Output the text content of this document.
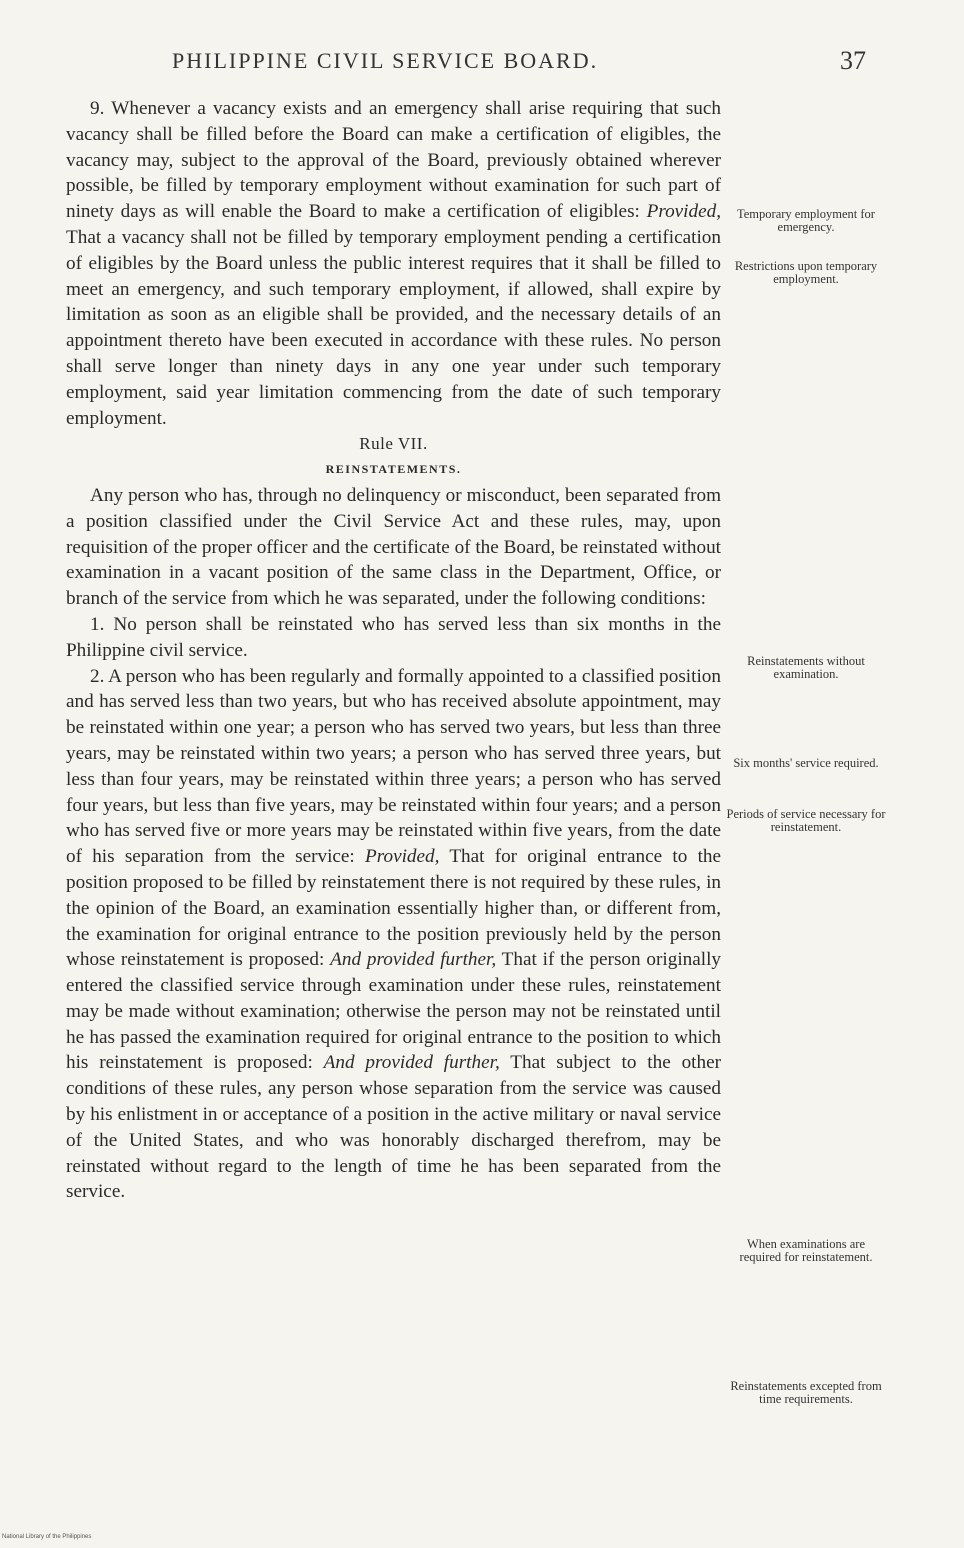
PHILIPPINE CIVIL SERVICE BOARD.	37

9. Whenever a vacancy exists and an emergency shall arise requiring that such vacancy shall be filled before the Board can make a certification of eligibles, the vacancy may, subject to the approval of the Board, previously obtained wherever possible, be filled by temporary employment without examination for such part of ninety days as will enable the Board to make a certification of eligibles: Provided, That a vacancy shall not be filled by temporary employment pending a certification of eligibles by the Board unless the public interest requires that it shall be filled to meet an emergency, and such temporary employment, if allowed, shall expire by limitation as soon as an eligible shall be provided, and the necessary details of an appointment thereto have been executed in accordance with these rules. No person shall serve longer than ninety days in any one year under such temporary employment, said year limitation commencing from the date of such temporary employment.

Rule VII.

REINSTATEMENTS.

Any person who has, through no delinquency or misconduct, been separated from a position classified under the Civil Service Act and these rules, may, upon requisition of the proper officer and the certificate of the Board, be reinstated without examination in a vacant position of the same class in the Department, Office, or branch of the service from which he was separated, under the following conditions:

1. No person shall be reinstated who has served less than six months in the Philippine civil service.

2. A person who has been regularly and formally appointed to a classified position and has served less than two years, but who has received absolute appointment, may be reinstated within one year; a person who has served two years, but less than three years, may be reinstated within two years; a person who has served three years, but less than four years, may be reinstated within three years; a person who has served four years, but less than five years, may be reinstated within four years; and a person who has served five or more years may be reinstated within five years, from the date of his separation from the service: Provided, That for original entrance to the position proposed to be filled by reinstatement there is not required by these rules, in the opinion of the Board, an examination essentially higher than, or different from, the examination for original entrance to the position previously held by the person whose reinstatement is proposed: And provided further, That if the person originally entered the classified service through examination under these rules, reinstatement may be made without examination; otherwise the person may not be reinstated until he has passed the examination required for original entrance to the position to which his reinstatement is proposed: And provided further, That subject to the other conditions of these rules, any person whose separation from the service was caused by his enlistment in or acceptance of a position in the active military or naval service of the United States, and who was honorably discharged therefrom, may be reinstated without regard to the length of time he has been separated from the service.

Temporary employment for emergency.
Restrictions upon temporary employment.
Reinstatements without examination.
Six months' service required.
Periods of service necessary for reinstatement.
When examinations are required for reinstatement.
Reinstatements excepted from time requirements.
National Library of the Philippines
